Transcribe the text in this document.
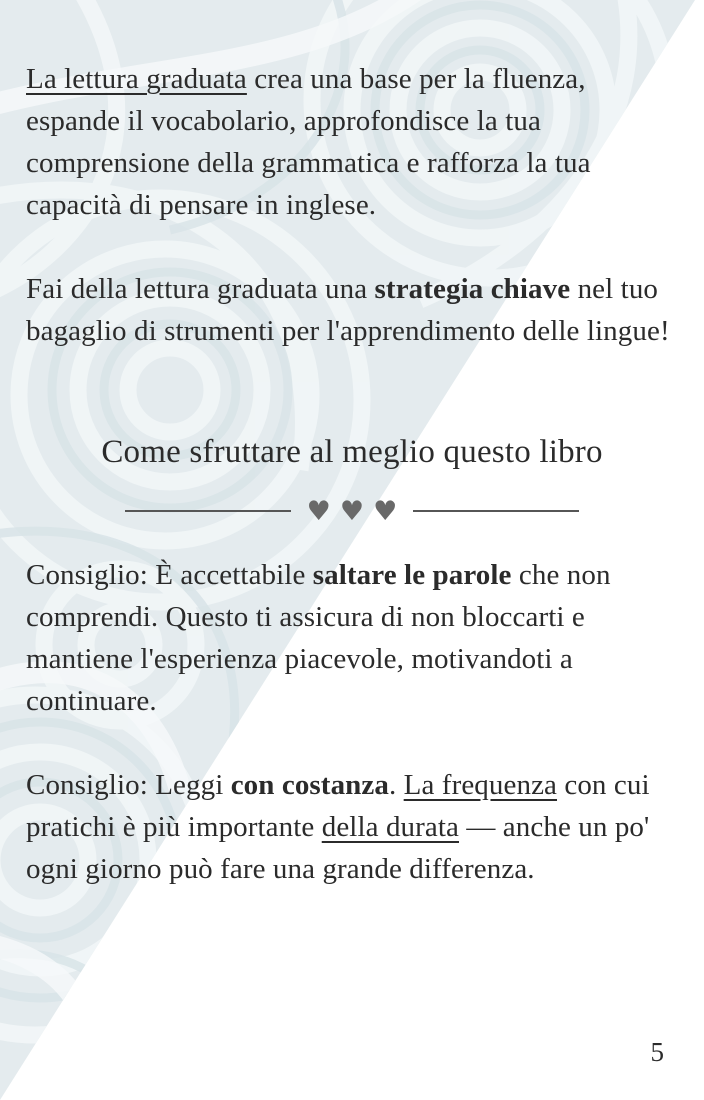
La lettura graduata crea una base per la fluenza, espande il vocabolario, approfondisce la tua comprensione della grammatica e rafforza la tua capacità di pensare in inglese.

Fai della lettura graduata una strategia chiave nel tuo bagaglio di strumenti per l'apprendimento delle lingue!

Come sfruttare al meglio questo libro
♥ ♥ ♥

Consiglio: È accettabile saltare le parole che non comprendi. Questo ti assicura di non bloccarti e mantiene l'esperienza piacevole, motivandoti a continuare.

Consiglio: Leggi con costanza. La frequenza con cui pratichi è più importante della durata — anche un po' ogni giorno può fare una grande differenza.

5
